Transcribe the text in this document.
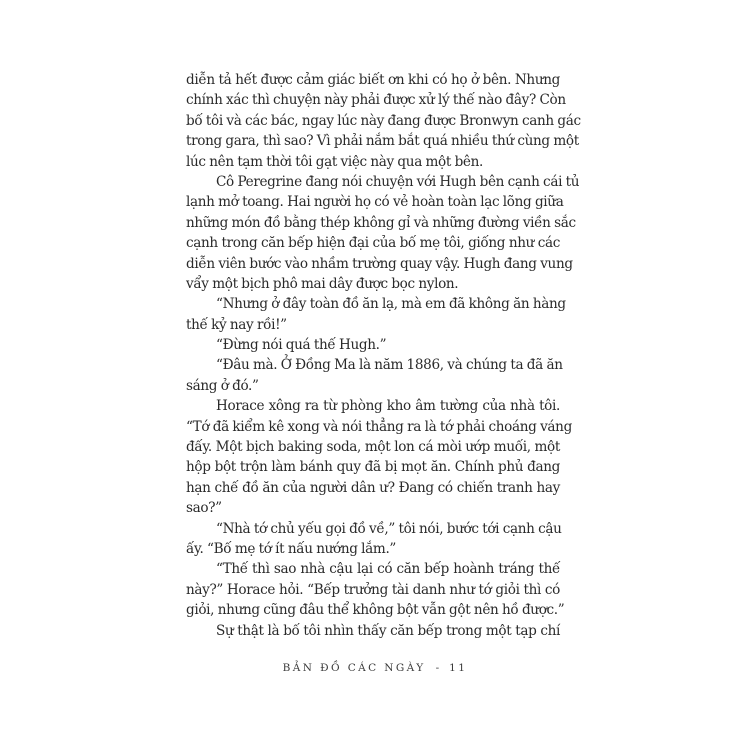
diễn tả hết được cảm giác biết ơn khi có họ ở bên. Nhưng
chính xác thì chuyện này phải được xử lý thế nào đây? Còn
bố tôi và các bác, ngay lúc này đang được Bronwyn canh gác
trong gara, thì sao? Vì phải nắm bắt quá nhiều thứ cùng một
lúc nên tạm thời tôi gạt việc này qua một bên.
Cô Peregrine đang nói chuyện với Hugh bên cạnh cái tủ
lạnh mở toang. Hai người họ có vẻ hoàn toàn lạc lõng giữa
những món đồ bằng thép không gỉ và những đường viền sắc
cạnh trong căn bếp hiện đại của bố mẹ tôi, giống như các
diễn viên bước vào nhầm trường quay vậy. Hugh đang vung
vẩy một bịch phô mai dây được bọc nylon.
“Nhưng ở đây toàn đồ ăn lạ, mà em đã không ăn hàng
thế kỷ nay rồi!”
“Đừng nói quá thế Hugh.”
“Đâu mà. Ở Đồng Ma là năm 1886, và chúng ta đã ăn
sáng ở đó.”
Horace xông ra từ phòng kho âm tường của nhà tôi.
“Tớ đã kiểm kê xong và nói thẳng ra là tớ phải choáng váng
đấy. Một bịch baking soda, một lon cá mòi ướp muối, một
hộp bột trộn làm bánh quy đã bị mọt ăn. Chính phủ đang
hạn chế đồ ăn của người dân ư? Đang có chiến tranh hay
sao?”
“Nhà tớ chủ yếu gọi đồ về,” tôi nói, bước tới cạnh cậu
ấy. “Bố mẹ tớ ít nấu nướng lắm.”
“Thế thì sao nhà cậu lại có căn bếp hoành tráng thế
này?” Horace hỏi. “Bếp trưởng tài danh như tớ giỏi thì có
giỏi, nhưng cũng đâu thể không bột vẫn gột nên hồ được.”
Sự thật là bố tôi nhìn thấy căn bếp trong một tạp chí
BẢN ĐỒ CÁC NGÀY - 11
